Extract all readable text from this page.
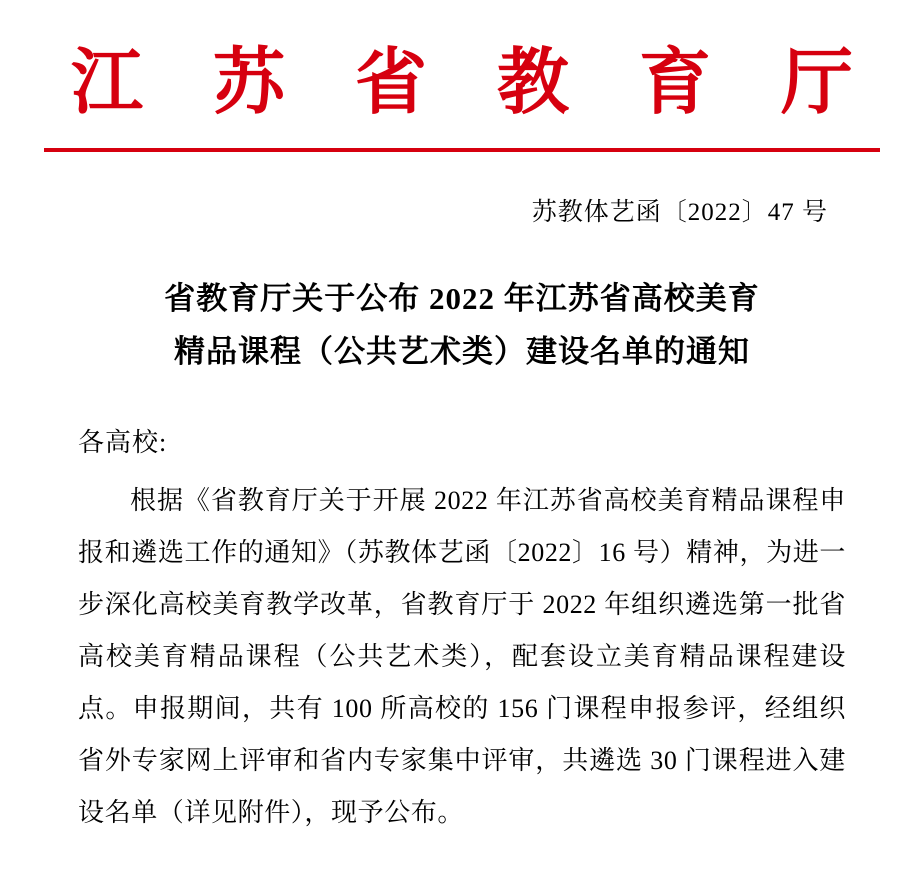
江 苏 省 教 育 厅
苏教体艺函〔2022〕47 号
省教育厅关于公布 2022 年江苏省高校美育
精品课程（公共艺术类）建设名单的通知
各高校:

根据《省教育厅关于开展 2022 年江苏省高校美育精品课程申报和遴选工作的通知》（苏教体艺函〔2022〕16 号）精神，为进一步深化高校美育教学改革，省教育厅于 2022 年组织遴选第一批省高校美育精品课程（公共艺术类），配套设立美育精品课程建设点。申报期间，共有 100 所高校的 156 门课程申报参评，经组织省外专家网上评审和省内专家集中评审，共遴选 30 门课程进入建设名单（详见附件），现予公布。
